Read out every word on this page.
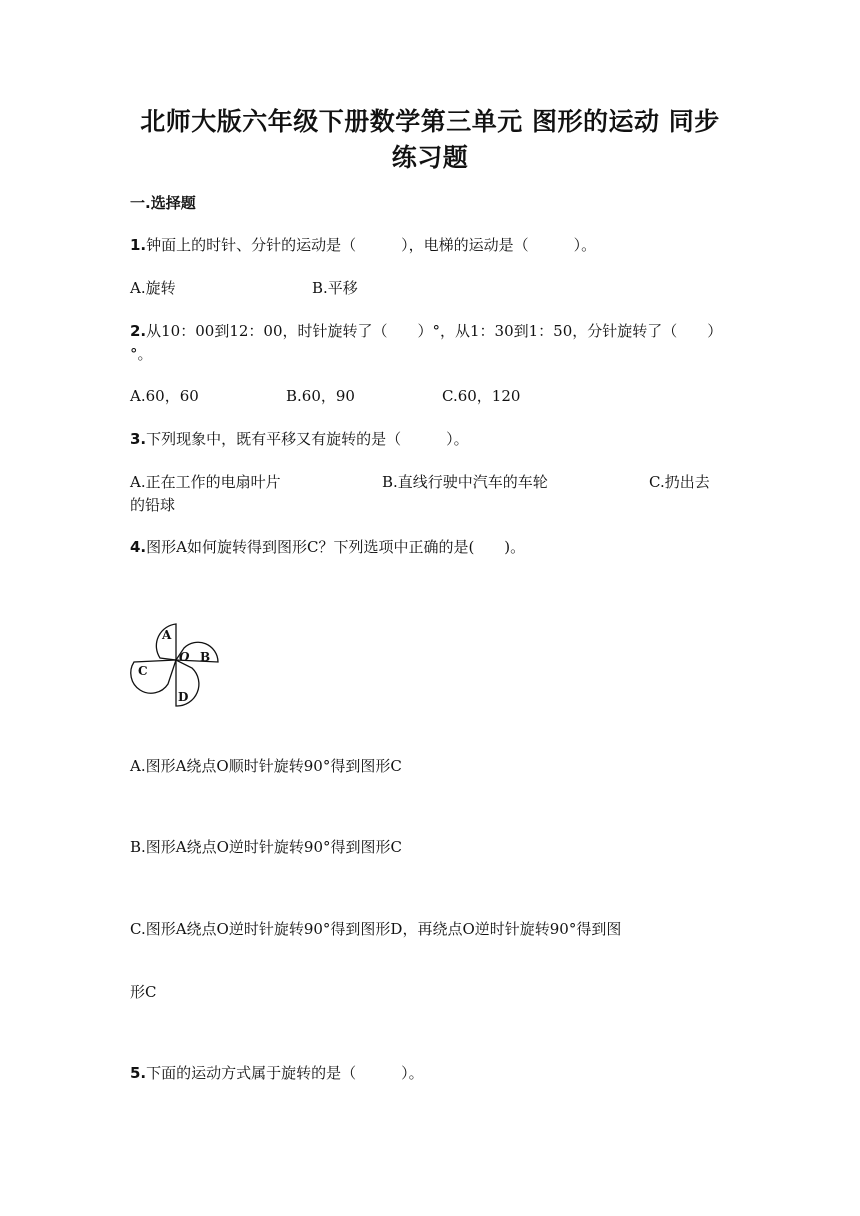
北师大版六年级下册数学第三单元 图形的运动 同步练习题
一.选择题
1.钟面上的时针、分针的运动是（　　　），电梯的运动是（　　　）。
A.旋转	B.平移
2.从10：00到12：00，时针旋转了（　　）°，从1：30到1：50，分针旋转了（　　）°。
A.60，60	B.60，90	C.60，120
3.下列现象中，既有平移又有旋转的是（　　　）。
A.正在工作的电扇叶片	B.直线行驶中汽车的车轮	C.扔出去
的铅球
4.图形A如何旋转得到图形C？下列选项中正确的是(　　)。
A
B
C
D
O
A.图形A绕点O顺时针旋转90°得到图形C
B.图形A绕点O逆时针旋转90°得到图形C
C.图形A绕点O逆时针旋转90°得到图形D，再绕点O逆时针旋转90°得到图
形C
5.下面的运动方式属于旋转的是（　　　）。
